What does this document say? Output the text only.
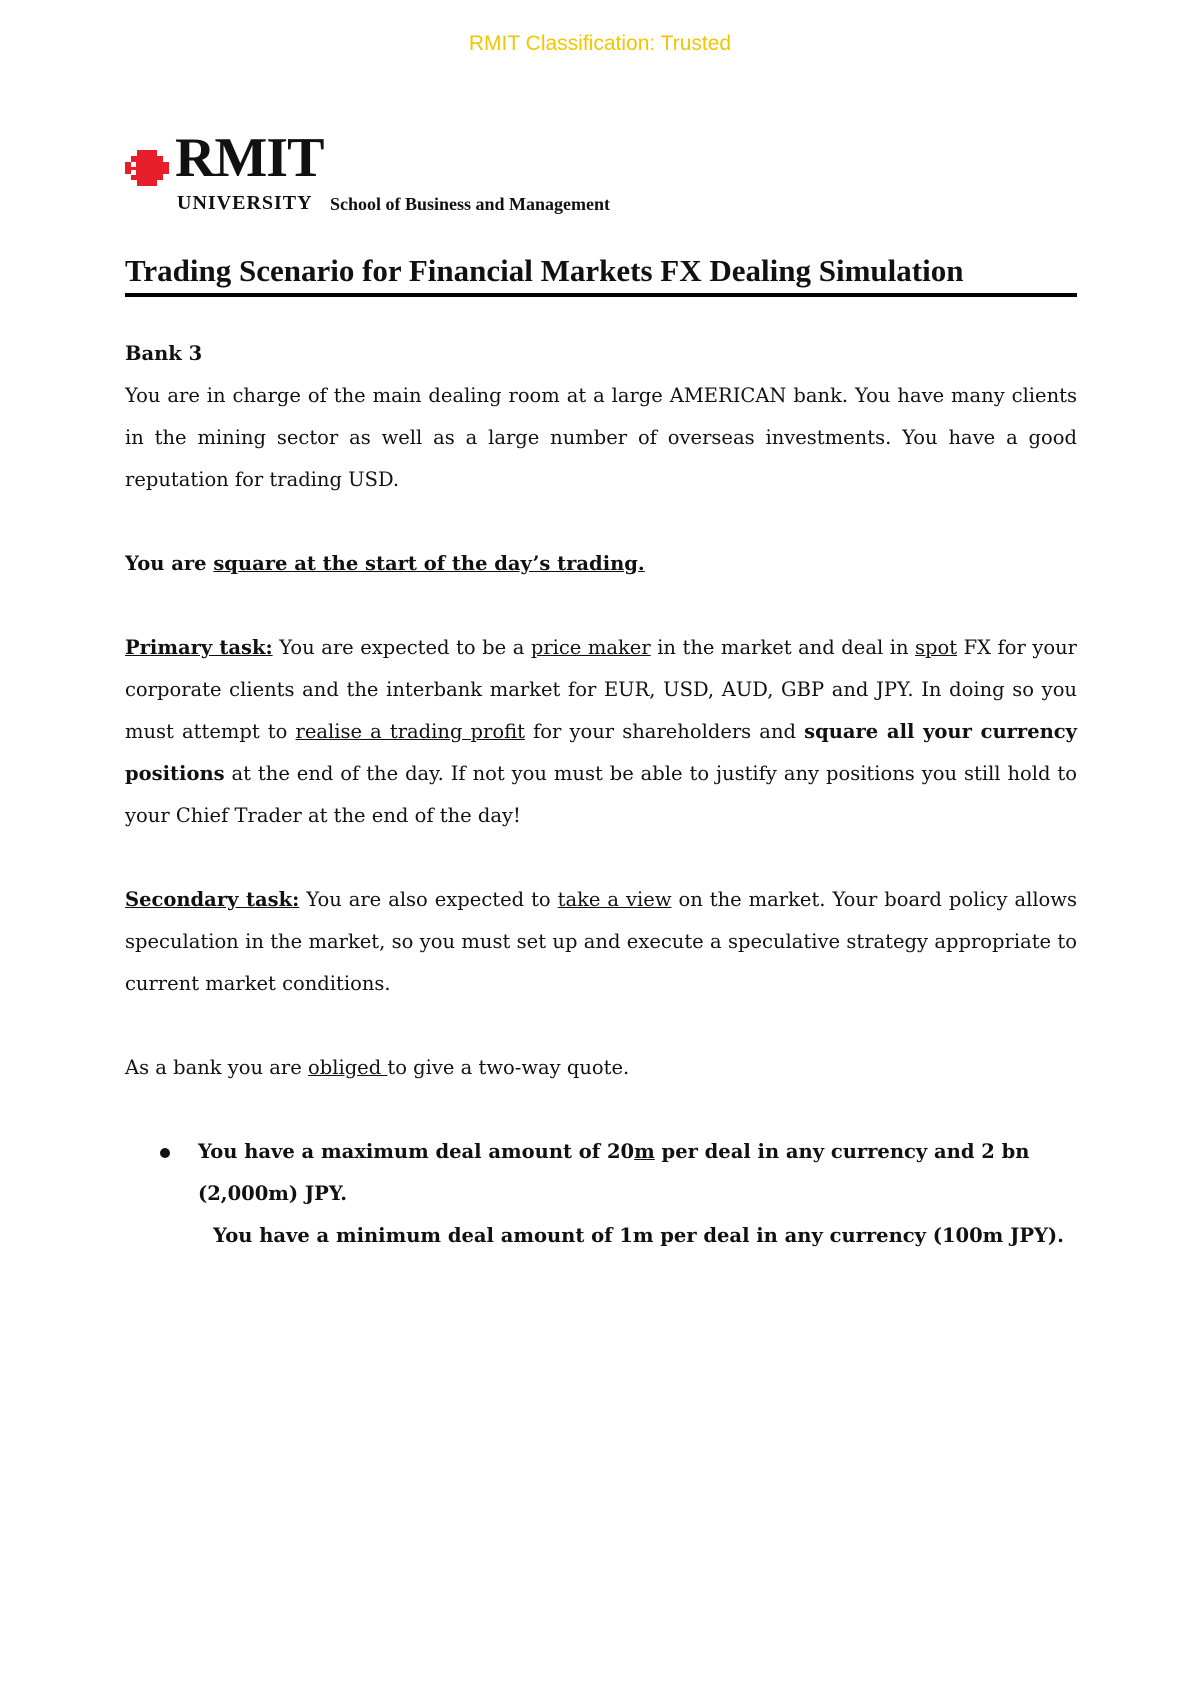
RMIT Classification: Trusted
RMIT
UNIVERSITY School of Business and Management
Trading Scenario for Financial Markets FX Dealing Simulation

Bank 3

You are in charge of the main dealing room at a large AMERICAN bank. You have many clients in the mining sector as well as a large number of overseas investments. You have a good reputation for trading USD.

You are square at the start of the day’s trading.

Primary task: You are expected to be a price maker in the market and deal in spot FX for your corporate clients and the interbank market for EUR, USD, AUD, GBP and JPY. In doing so you must attempt to realise a trading profit for your shareholders and square all your currency positions at the end of the day. If not you must be able to justify any positions you still hold to your Chief Trader at the end of the day!

Secondary task: You are also expected to take a view on the market. Your board policy allows speculation in the market, so you must set up and execute a speculative strategy appropriate to current market conditions.

As a bank you are obliged to give a two-way quote.

You have a maximum deal amount of 20m per deal in any currency and 2 bn (2,000m) JPY.
You have a minimum deal amount of 1m per deal in any currency (100m JPY).
